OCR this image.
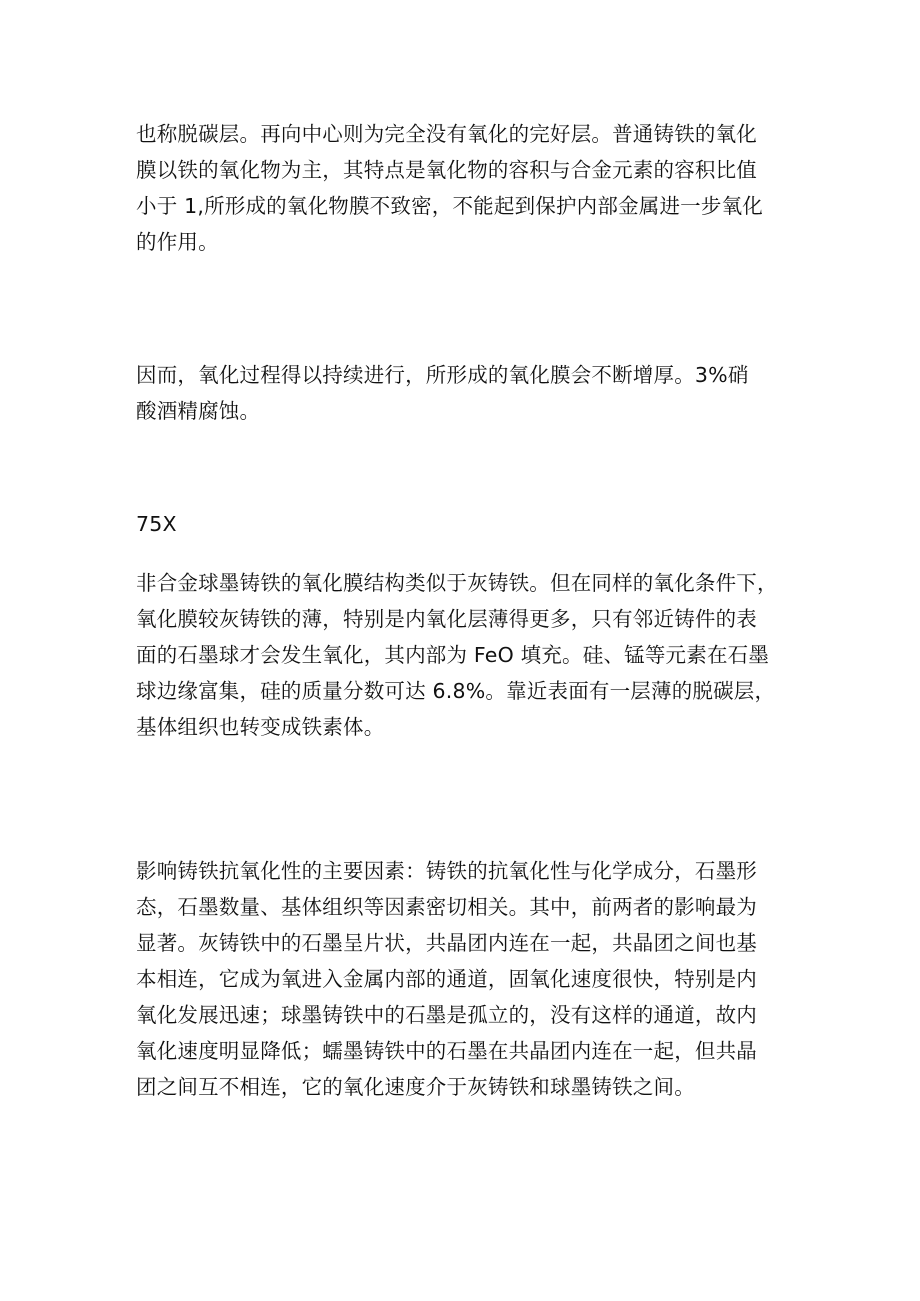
也称脱碳层。再向中心则为完全没有氧化的完好层。普通铸铁的氧化
膜以铁的氧化物为主，其特点是氧化物的容积与合金元素的容积比值
小于 1,所形成的氧化物膜不致密，不能起到保护内部金属进一步氧化
的作用。
因而，氧化过程得以持续进行，所形成的氧化膜会不断增厚。3%硝
酸酒精腐蚀。
75X
非合金球墨铸铁的氧化膜结构类似于灰铸铁。但在同样的氧化条件下，
氧化膜较灰铸铁的薄，特别是内氧化层薄得更多，只有邻近铸件的表
面的石墨球才会发生氧化，其内部为 FeO 填充。硅、锰等元素在石墨
球边缘富集，硅的质量分数可达 6.8%。靠近表面有一层薄的脱碳层，
基体组织也转变成铁素体。
影响铸铁抗氧化性的主要因素：铸铁的抗氧化性与化学成分，石墨形
态，石墨数量、基体组织等因素密切相关。其中，前两者的影响最为
显著。灰铸铁中的石墨呈片状，共晶团内连在一起，共晶团之间也基
本相连，它成为氧进入金属内部的通道，固氧化速度很快，特别是内
氧化发展迅速；球墨铸铁中的石墨是孤立的，没有这样的通道，故内
氧化速度明显降低；蠕墨铸铁中的石墨在共晶团内连在一起，但共晶
团之间互不相连，它的氧化速度介于灰铸铁和球墨铸铁之间。
